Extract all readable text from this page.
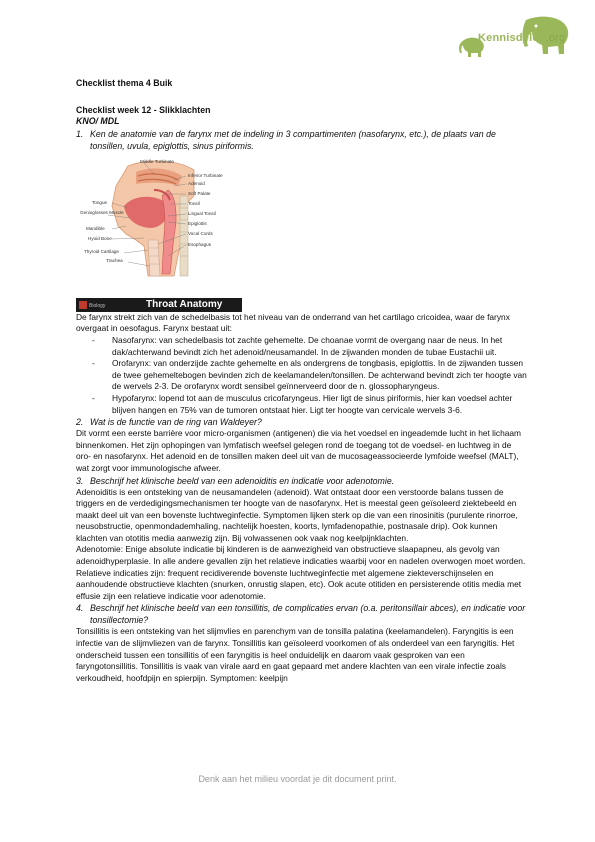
Kennisdelen.org
Checklist thema 4 Buik
Checklist week 12 - Slikklachten
KNO/ MDL
1. Ken de anatomie van de farynx met de indeling in 3 compartimenten (nasofarynx, etc.), de plaats van de tonsillen, uvula, epiglottis, sinus piriformis.
Middle Turbinate
Inferior Turbinate
Adenoid
Soft Palate
Tongue
Genioglosses Muscle
Tonsil
Lingual Tonsil
Mandible
Epiglottis
Hyoid Bone
Vocal Cords
Thyroid Cartilage
Esophagus
Trachea
Biology	Throat Anatomy
De farynx strekt zich van de schedelbasis tot het niveau van de onderrand van het cartilago cricoidea, waar de farynx overgaat in oesofagus. Farynx bestaat uit:
-	Nasofarynx: van schedelbasis tot zachte gehemelte. De choanae vormt de overgang naar de neus. In het dak/achterwand bevindt zich het adenoid/neusamandel. In de zijwanden monden de tubae Eustachii uit.
-	Orofarynx: van onderzijde zachte gehemelte en als ondergrens de tongbasis, epiglottis. In de zijwanden tussen de twee gehemeltebogen bevinden zich de keelamandelen/tonsillen. De achterwand bevindt zich ter hoogte van de wervels 2-3. De orofarynx wordt sensibel geïnnerveerd door de n. glossopharyngeus.
-	Hypofarynx: lopend tot aan de musculus cricofaryngeus. Hier ligt de sinus piriformis, hier kan voedsel achter blijven hangen en 75% van de tumoren ontstaat hier. Ligt ter hoogte van cervicale wervels 3-6.
2. Wat is de functie van de ring van Waldeyer?
Dit vormt een eerste barrière voor micro-organismen (antigenen) die via het voedsel en ingeademde lucht in het lichaam binnenkomen. Het zijn ophopingen van lymfatisch weefsel gelegen rond de toegang tot de voedsel- en luchtweg in de oro- en nasofarynx. Het adenoid en de tonsillen maken deel uit van de mucosageassocieerde lymfoide weefsel (MALT), wat zorgt voor immunologische afweer.
3. Beschrijf het klinische beeld van een adenoiditis en indicatie voor adenotomie.
Adenoiditis is een ontsteking van de neusamandelen (adenoid). Wat ontstaat door een verstoorde balans tussen de triggers en de verdedigingsmechanismen ter hoogte van de nasofarynx. Het is meestal geen geïsoleerd ziektebeeld en maakt deel uit van een bovenste luchtweginfectie. Symptomen lijken sterk op die van een rinosinitis (purulente rinorroe, neusobstructie, openmondademhaling, nachtelijk hoesten, koorts, lymfadenopathie, postnasale drip). Ook kunnen klachten van ototitis media aanwezig zijn. Bij volwassenen ook vaak nog keelpijnklachten.
Adenotomie: Enige absolute indicatie bij kinderen is de aanwezigheid van obstructieve slaapapneu, als gevolg van adenoidhyperplasie. In alle andere gevallen zijn het relatieve indicaties waarbij voor en nadelen overwogen moet worden. Relatieve indicaties zijn: frequent recidiverende bovenste luchtweginfectie met algemene ziekteverschijnselen en aanhoudende obstructieve klachten (snurken, onrustig slapen, etc). Ook acute otitiden en persisterende otitis media met effusie zijn een relatieve indicatie voor adenotomie.
4. Beschrijf het klinische beeld van een tonsillitis, de complicaties ervan (o.a. peritonsillair abces), en indicatie voor tonsillectomie?
Tonsillitis is een ontsteking van het slijmvlies en parenchym van de tonsilla palatina (keelamandelen). Faryngitis is een infectie van de slijmvliezen van de farynx. Tonsillitis kan geïsoleerd voorkomen of als onderdeel van een faryngitis. Het onderscheid tussen een tonsillitis of een faryngitis is heel onduidelijk en daarom vaak gesproken van een faryngotonsillitis. Tonsillitis is vaak van virale aard en gaat gepaard met andere klachten van een virale infectie zoals verkoudheid, hoofdpijn en spierpijn. Symptomen: keelpijn
Denk aan het milieu voordat je dit document print.
